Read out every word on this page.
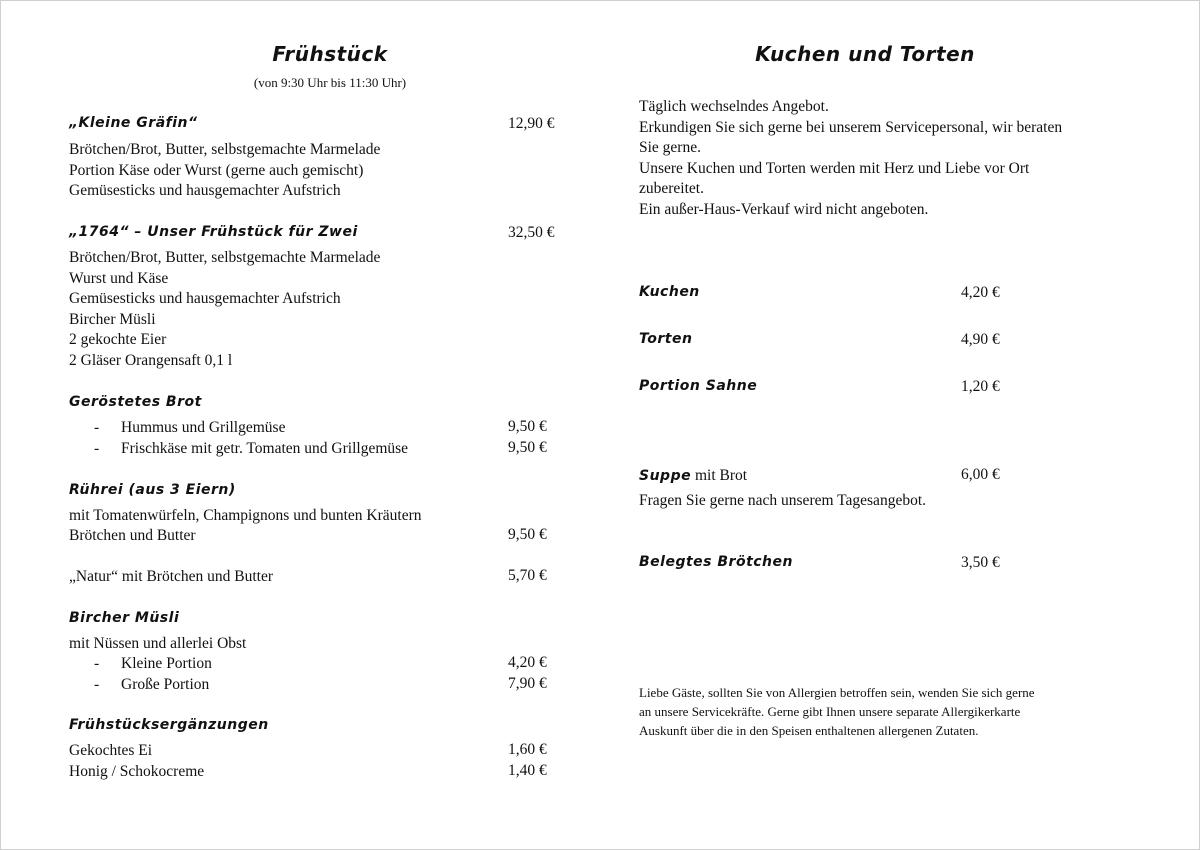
Frühstück
(von 9:30 Uhr bis 11:30 Uhr)
„Kleine Gräfin“	12,90 €
Brötchen/Brot, Butter, selbstgemachte Marmelade
Portion Käse oder Wurst (gerne auch gemischt)
Gemüsesticks und hausgemachter Aufstrich
„1764“ – Unser Frühstück für Zwei	32,50 €
Brötchen/Brot, Butter, selbstgemachte Marmelade
Wurst und Käse
Gemüsesticks und hausgemachter Aufstrich
Bircher Müsli
2 gekochte Eier
2 Gläser Orangensaft 0,1 l
Geröstetes Brot
- Hummus und Grillgemüse	9,50 €
- Frischkäse mit getr. Tomaten und Grillgemüse	9,50 €
Rührei (aus 3 Eiern)
mit Tomatenwürfeln, Champignons und bunten Kräutern
Brötchen und Butter	9,50 €
„Natur“ mit Brötchen und Butter	5,70 €
Bircher Müsli
mit Nüssen und allerlei Obst
- Kleine Portion	4,20 €
- Große Portion	7,90 €
Frühstücksergänzungen
Gekochtes Ei	1,60 €
Honig / Schokocreme	1,40 €
Kuchen und Torten
Täglich wechselndes Angebot.
Erkundigen Sie sich gerne bei unserem Servicepersonal, wir beraten
Sie gerne.
Unsere Kuchen und Torten werden mit Herz und Liebe vor Ort
zubereitet.
Ein außer-Haus-Verkauf wird nicht angeboten.
Kuchen	4,20 €
Torten	4,90 €
Portion Sahne	1,20 €
Suppe mit Brot	6,00 €
Fragen Sie gerne nach unserem Tagesangebot.
Belegtes Brötchen	3,50 €
Liebe Gäste, sollten Sie von Allergien betroffen sein, wenden Sie sich gerne
an unsere Servicekräfte. Gerne gibt Ihnen unsere separate Allergikerkarte
Auskunft über die in den Speisen enthaltenen allergenen Zutaten.
